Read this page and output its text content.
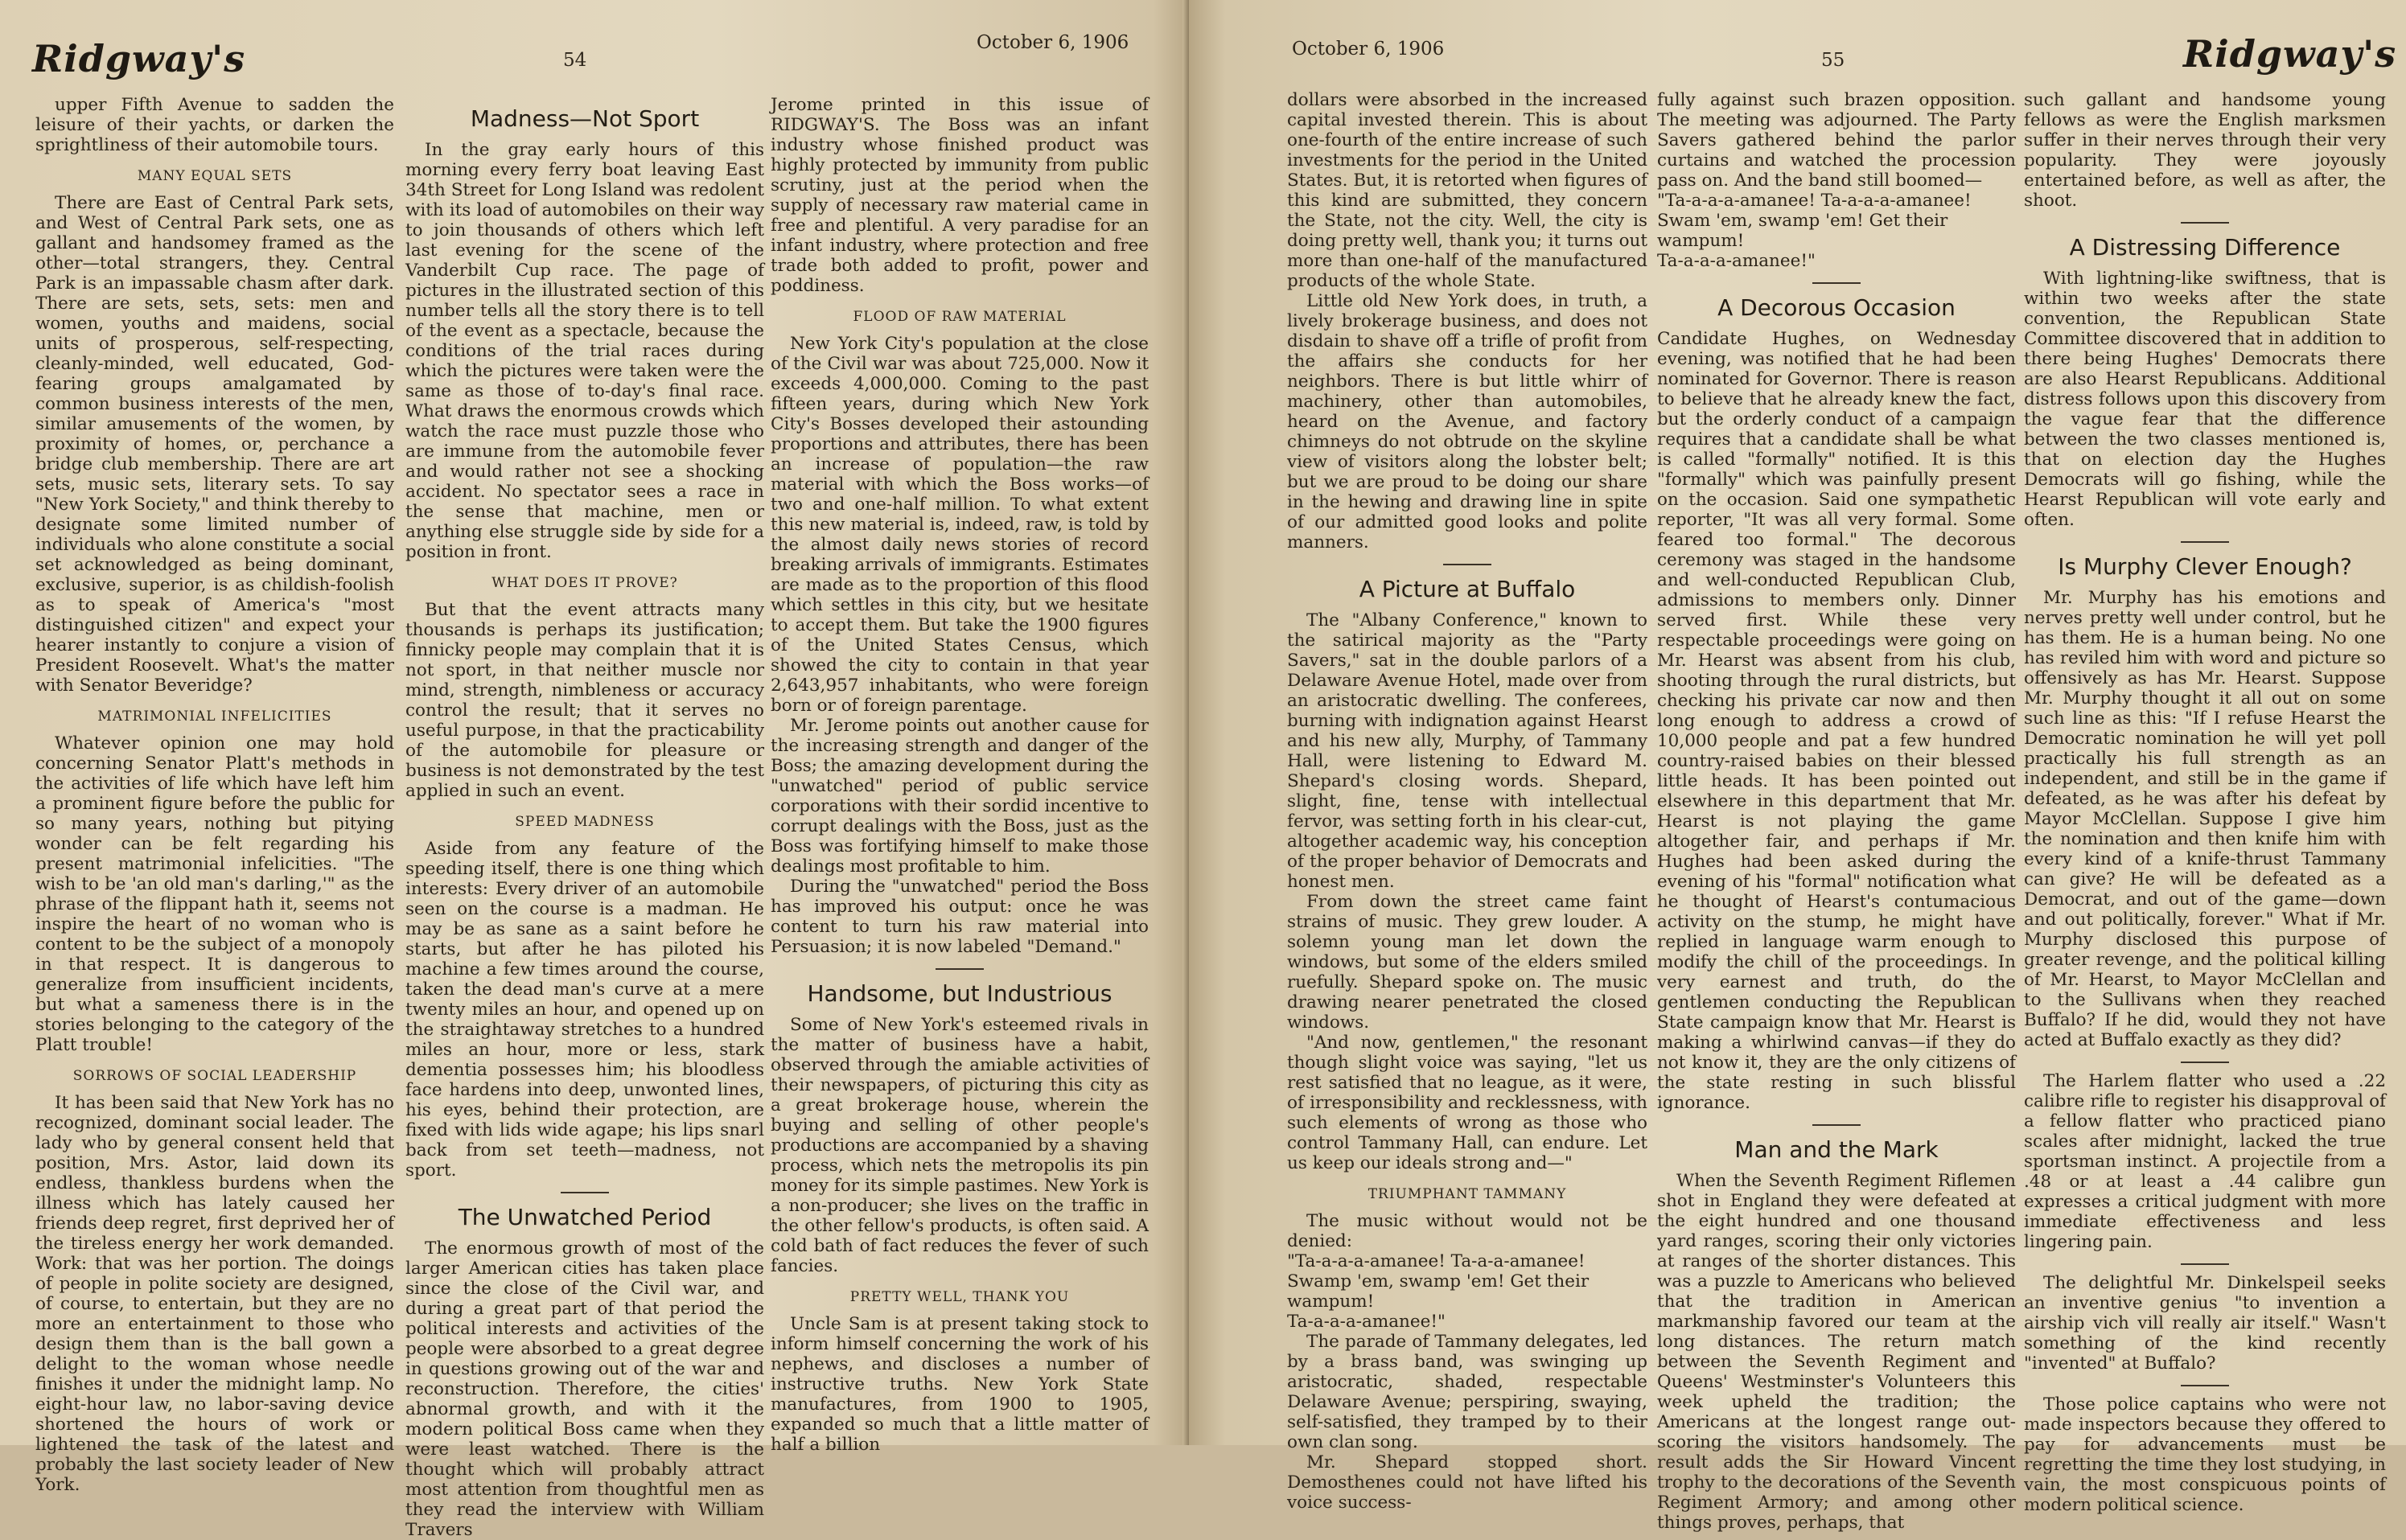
Ridgway's	54
October 6, 1906

upper Fifth Avenue to sadden the leisure of their yachts, or darken the sprightliness of their automobile tours.

MANY EQUAL SETS

There are East of Central Park sets, and West of Central Park sets, one as gallant and handsomey framed as the other—total strangers, they. Central Park is an impassable chasm after dark. There are sets, sets, sets: men and women, youths and maidens, social units of prosperous, self-respecting, cleanly-minded, well educated, God-fearing groups amalgamated by common business interests of the men, similar amusements of the women, by proximity of homes, or, perchance a bridge club membership. There are art sets, music sets, literary sets. To say "New York Society," and think thereby to designate some limited number of individuals who alone constitute a social set acknowledged as being dominant, exclusive, superior, is as childish-foolish as to speak of America's "most distinguished citizen" and expect your hearer instantly to conjure a vision of President Roosevelt. What's the matter with Senator Beveridge?

MATRIMONIAL INFELICITIES

Whatever opinion one may hold concerning Senator Platt's methods in the activities of life which have left him a prominent figure before the public for so many years, nothing but pitying wonder can be felt regarding his present matrimonial infelicities. "The wish to be 'an old man's darling,'" as the phrase of the flippant hath it, seems not inspire the heart of no woman who is content to be the subject of a monopoly in that respect. It is dangerous to generalize from insufficient incidents, but what a sameness there is in the stories belonging to the category of the Platt trouble!

SORROWS OF SOCIAL LEADERSHIP

It has been said that New York has no recognized, dominant social leader. The lady who by general consent held that position, Mrs. Astor, laid down its endless, thankless burdens when the illness which has lately caused her friends deep regret, first deprived her of the tireless energy her work demanded. Work: that was her portion. The doings of people in polite society are designed, of course, to entertain, but they are no more an entertainment to those who design them than is the ball gown a delight to the woman whose needle finishes it under the midnight lamp. No eight-hour law, no labor-saving device shortened the hours of work or lightened the task of the latest and probably the last society leader of New York.

Madness—Not Sport

In the gray early hours of this morning every ferry boat leaving East 34th Street for Long Island was redolent with its load of automobiles on their way to join thousands of others which left last evening for the scene of the Vanderbilt Cup race. The page of pictures in the illustrated section of this number tells all the story there is to tell of the event as a spectacle, because the conditions of the trial races during which the pictures were taken were the same as those of to-day's final race. What draws the enormous crowds which watch the race must puzzle those who are immune from the automobile fever and would rather not see a shocking accident. No spectator sees a race in the sense that machine, men or anything else struggle side by side for a position in front.

WHAT DOES IT PROVE?

But that the event attracts many thousands is perhaps its justification; finnicky people may complain that it is not sport, in that neither muscle nor mind, strength, nimbleness or accuracy control the result; that it serves no useful purpose, in that the practicability of the automobile for pleasure or business is not demonstrated by the test applied in such an event.

SPEED MADNESS

Aside from any feature of the speeding itself, there is one thing which interests: Every driver of an automobile seen on the course is a madman. He may be as sane as a saint before he starts, but after he has piloted his machine a few times around the course, taken the dead man's curve at a mere twenty miles an hour, and opened up on the straightaway stretches to a hundred miles an hour, more or less, stark dementia possesses him; his bloodless face hardens into deep, unwonted lines, his eyes, behind their protection, are fixed with lids wide agape; his lips snarl back from set teeth—madness, not sport.

The Unwatched Period

The enormous growth of most of the larger American cities has taken place since the close of the Civil war, and during a great part of that period the political interests and activities of the people were absorbed to a great degree in questions growing out of the war and reconstruction. Therefore, the cities' abnormal growth, and with it the modern political Boss came when they were least watched. There is the thought which will probably attract most attention from thoughtful men as they read the interview with William Travers

Jerome printed in this issue of RIDGWAY'S. The Boss was an infant industry whose finished product was highly protected by immunity from public scrutiny, just at the period when the supply of necessary raw material came in free and plentiful. A very paradise for an infant industry, where protection and free trade both added to profit, power and poddiness.

FLOOD OF RAW MATERIAL

New York City's population at the close of the Civil war was about 725,000. Now it exceeds 4,000,000. Coming to the past fifteen years, during which New York City's Bosses developed their astounding proportions and attributes, there has been an increase of population—the raw material with which the Boss works—of two and one-half million. To what extent this new material is, indeed, raw, is told by the almost daily news stories of record breaking arrivals of immigrants. Estimates are made as to the proportion of this flood which settles in this city, but we hesitate to accept them. But take the 1900 figures of the United States Census, which showed the city to contain in that year 2,643,957 inhabitants, who were foreign born or of foreign parentage.

Mr. Jerome points out another cause for the increasing strength and danger of the Boss; the amazing development during the "unwatched" period of public service corporations with their sordid incentive to corrupt dealings with the Boss, just as the Boss was fortifying himself to make those dealings most profitable to him.

During the "unwatched" period the Boss has improved his output: once he was content to turn his raw material into Persuasion; it is now labeled "Demand."

Handsome, but Industrious

Some of New York's esteemed rivals in the matter of business have a habit, observed through the amiable activities of their newspapers, of picturing this city as a great brokerage house, wherein the buying and selling of other people's productions are accompanied by a shaving process, which nets the metropolis its pin money for its simple pastimes. New York is a non-producer; she lives on the traffic in the other fellow's products, is often said. A cold bath of fact reduces the fever of such fancies.

PRETTY WELL, THANK YOU

Uncle Sam is at present taking stock to inform himself concerning the work of his nephews, and discloses a number of instructive truths. New York State manufactures, from 1900 to 1905, expanded so much that a little matter of half a billion

October 6, 1906
55	Ridgway's

dollars were absorbed in the increased capital invested therein. This is about one-fourth of the entire increase of such investments for the period in the United States. But, it is retorted when figures of this kind are submitted, they concern the State, not the city. Well, the city is doing pretty well, thank you; it turns out more than one-half of the manufactured products of the whole State.

Little old New York does, in truth, a lively brokerage business, and does not disdain to shave off a trifle of profit from the affairs she conducts for her neighbors. There is but little whirr of machinery, other than automobiles, heard on the Avenue, and factory chimneys do not obtrude on the skyline view of visitors along the lobster belt; but we are proud to be doing our share in the hewing and drawing line in spite of our admitted good looks and polite manners.

A Picture at Buffalo

The "Albany Conference," known to the satirical majority as the "Party Savers," sat in the double parlors of a Delaware Avenue Hotel, made over from an aristocratic dwelling. The conferees, burning with indignation against Hearst and his new ally, Murphy, of Tammany Hall, were listening to Edward M. Shepard's closing words. Shepard, slight, fine, tense with intellectual fervor, was setting forth in his clear-cut, altogether academic way, his conception of the proper behavior of Democrats and honest men.

From down the street came faint strains of music. They grew louder. A solemn young man let down the windows, but some of the elders smiled ruefully. Shepard spoke on. The music drawing nearer penetrated the closed windows.

"And now, gentlemen," the resonant though slight voice was saying, "let us rest satisfied that no league, as it were, of irresponsibility and recklessness, with such elements of wrong as those who control Tammany Hall, can endure. Let us keep our ideals strong and—"

TRIUMPHANT TAMMANY

The music without would not be denied:

"Ta-a-a-a-amanee! Ta-a-a-amanee!

Swamp 'em, swamp 'em! Get their wampum!

Ta-a-a-a-amanee!"

The parade of Tammany delegates, led by a brass band, was swinging up aristocratic, shaded, respectable Delaware Avenue; perspiring, swaying, self-satisfied, they tramped by to their own clan song.

Mr. Shepard stopped short. Demosthenes could not have lifted his voice success-

fully against such brazen opposition. The meeting was adjourned. The Party Savers gathered behind the parlor curtains and watched the procession pass on. And the band still boomed—

"Ta-a-a-a-amanee! Ta-a-a-a-amanee!

Swam 'em, swamp 'em! Get their wampum!

Ta-a-a-a-amanee!"

A Decorous Occasion

Candidate Hughes, on Wednesday evening, was notified that he had been nominated for Governor. There is reason to believe that he already knew the fact, but the orderly conduct of a campaign requires that a candidate shall be what is called "formally" notified. It is this "formally" which was painfully present on the occasion. Said one sympathetic reporter, "It was all very formal. Some feared too formal." The decorous ceremony was staged in the handsome and well-conducted Republican Club, admissions to members only. Dinner served first. While these very respectable proceedings were going on Mr. Hearst was absent from his club, shooting through the rural districts, but checking his private car now and then long enough to address a crowd of 10,000 people and pat a few hundred country-raised babies on their blessed little heads. It has been pointed out elsewhere in this department that Mr. Hearst is not playing the game altogether fair, and perhaps if Mr. Hughes had been asked during the evening of his "formal" notification what he thought of Hearst's contumacious activity on the stump, he might have replied in language warm enough to modify the chill of the proceedings. In very earnest and truth, do the gentlemen conducting the Republican State campaign know that Mr. Hearst is making a whirlwind canvas—if they do not know it, they are the only citizens of the state resting in such blissful ignorance.

Man and the Mark

When the Seventh Regiment Riflemen shot in England they were defeated at the eight hundred and one thousand yard ranges, scoring their only victories at ranges of the shorter distances. This was a puzzle to Americans who believed that the tradition in American markmanship favored our team at the long distances. The return match between the Seventh Regiment and Queens' Westminster's Volunteers this week upheld the tradition; the Americans at the longest range out-scoring the visitors handsomely. The result adds the Sir Howard Vincent trophy to the decorations of the Seventh Regiment Armory; and among other things proves, perhaps, that

such gallant and handsome young fellows as were the English marksmen suffer in their nerves through their very popularity. They were joyously entertained before, as well as after, the shoot.

A Distressing Difference

With lightning-like swiftness, that is within two weeks after the state convention, the Republican State Committee discovered that in addition to there being Hughes' Democrats there are also Hearst Republicans. Additional distress follows upon this discovery from the vague fear that the difference between the two classes mentioned is, that on election day the Hughes Democrats will go fishing, while the Hearst Republican will vote early and often.

Is Murphy Clever Enough?

Mr. Murphy has his emotions and nerves pretty well under control, but he has them. He is a human being. No one has reviled him with word and picture so offensively as has Mr. Hearst. Suppose Mr. Murphy thought it all out on some such line as this: "If I refuse Hearst the Democratic nomination he will yet poll practically his full strength as an independent, and still be in the game if defeated, as he was after his defeat by Mayor McClellan. Suppose I give him the nomination and then knife him with every kind of a knife-thrust Tammany can give? He will be defeated as a Democrat, and out of the game—down and out politically, forever." What if Mr. Murphy disclosed this purpose of greater revenge, and the political killing of Mr. Hearst, to Mayor McClellan and to the Sullivans when they reached Buffalo? If he did, would they not have acted at Buffalo exactly as they did?

The Harlem flatter who used a .22 calibre rifle to register his disapproval of a fellow flatter who practiced piano scales after midnight, lacked the true sportsman instinct. A projectile from a .48 or at least a .44 calibre gun expresses a critical judgment with more immediate effectiveness and less lingering pain.

The delightful Mr. Dinkelspeil seeks an inventive genius "to invention a airship vich vill really air itself." Wasn't something of the kind recently "invented" at Buffalo?

Those police captains who were not made inspectors because they offered to pay for advancements must be regretting the time they lost studying, in vain, the most conspicuous points of modern political science.
